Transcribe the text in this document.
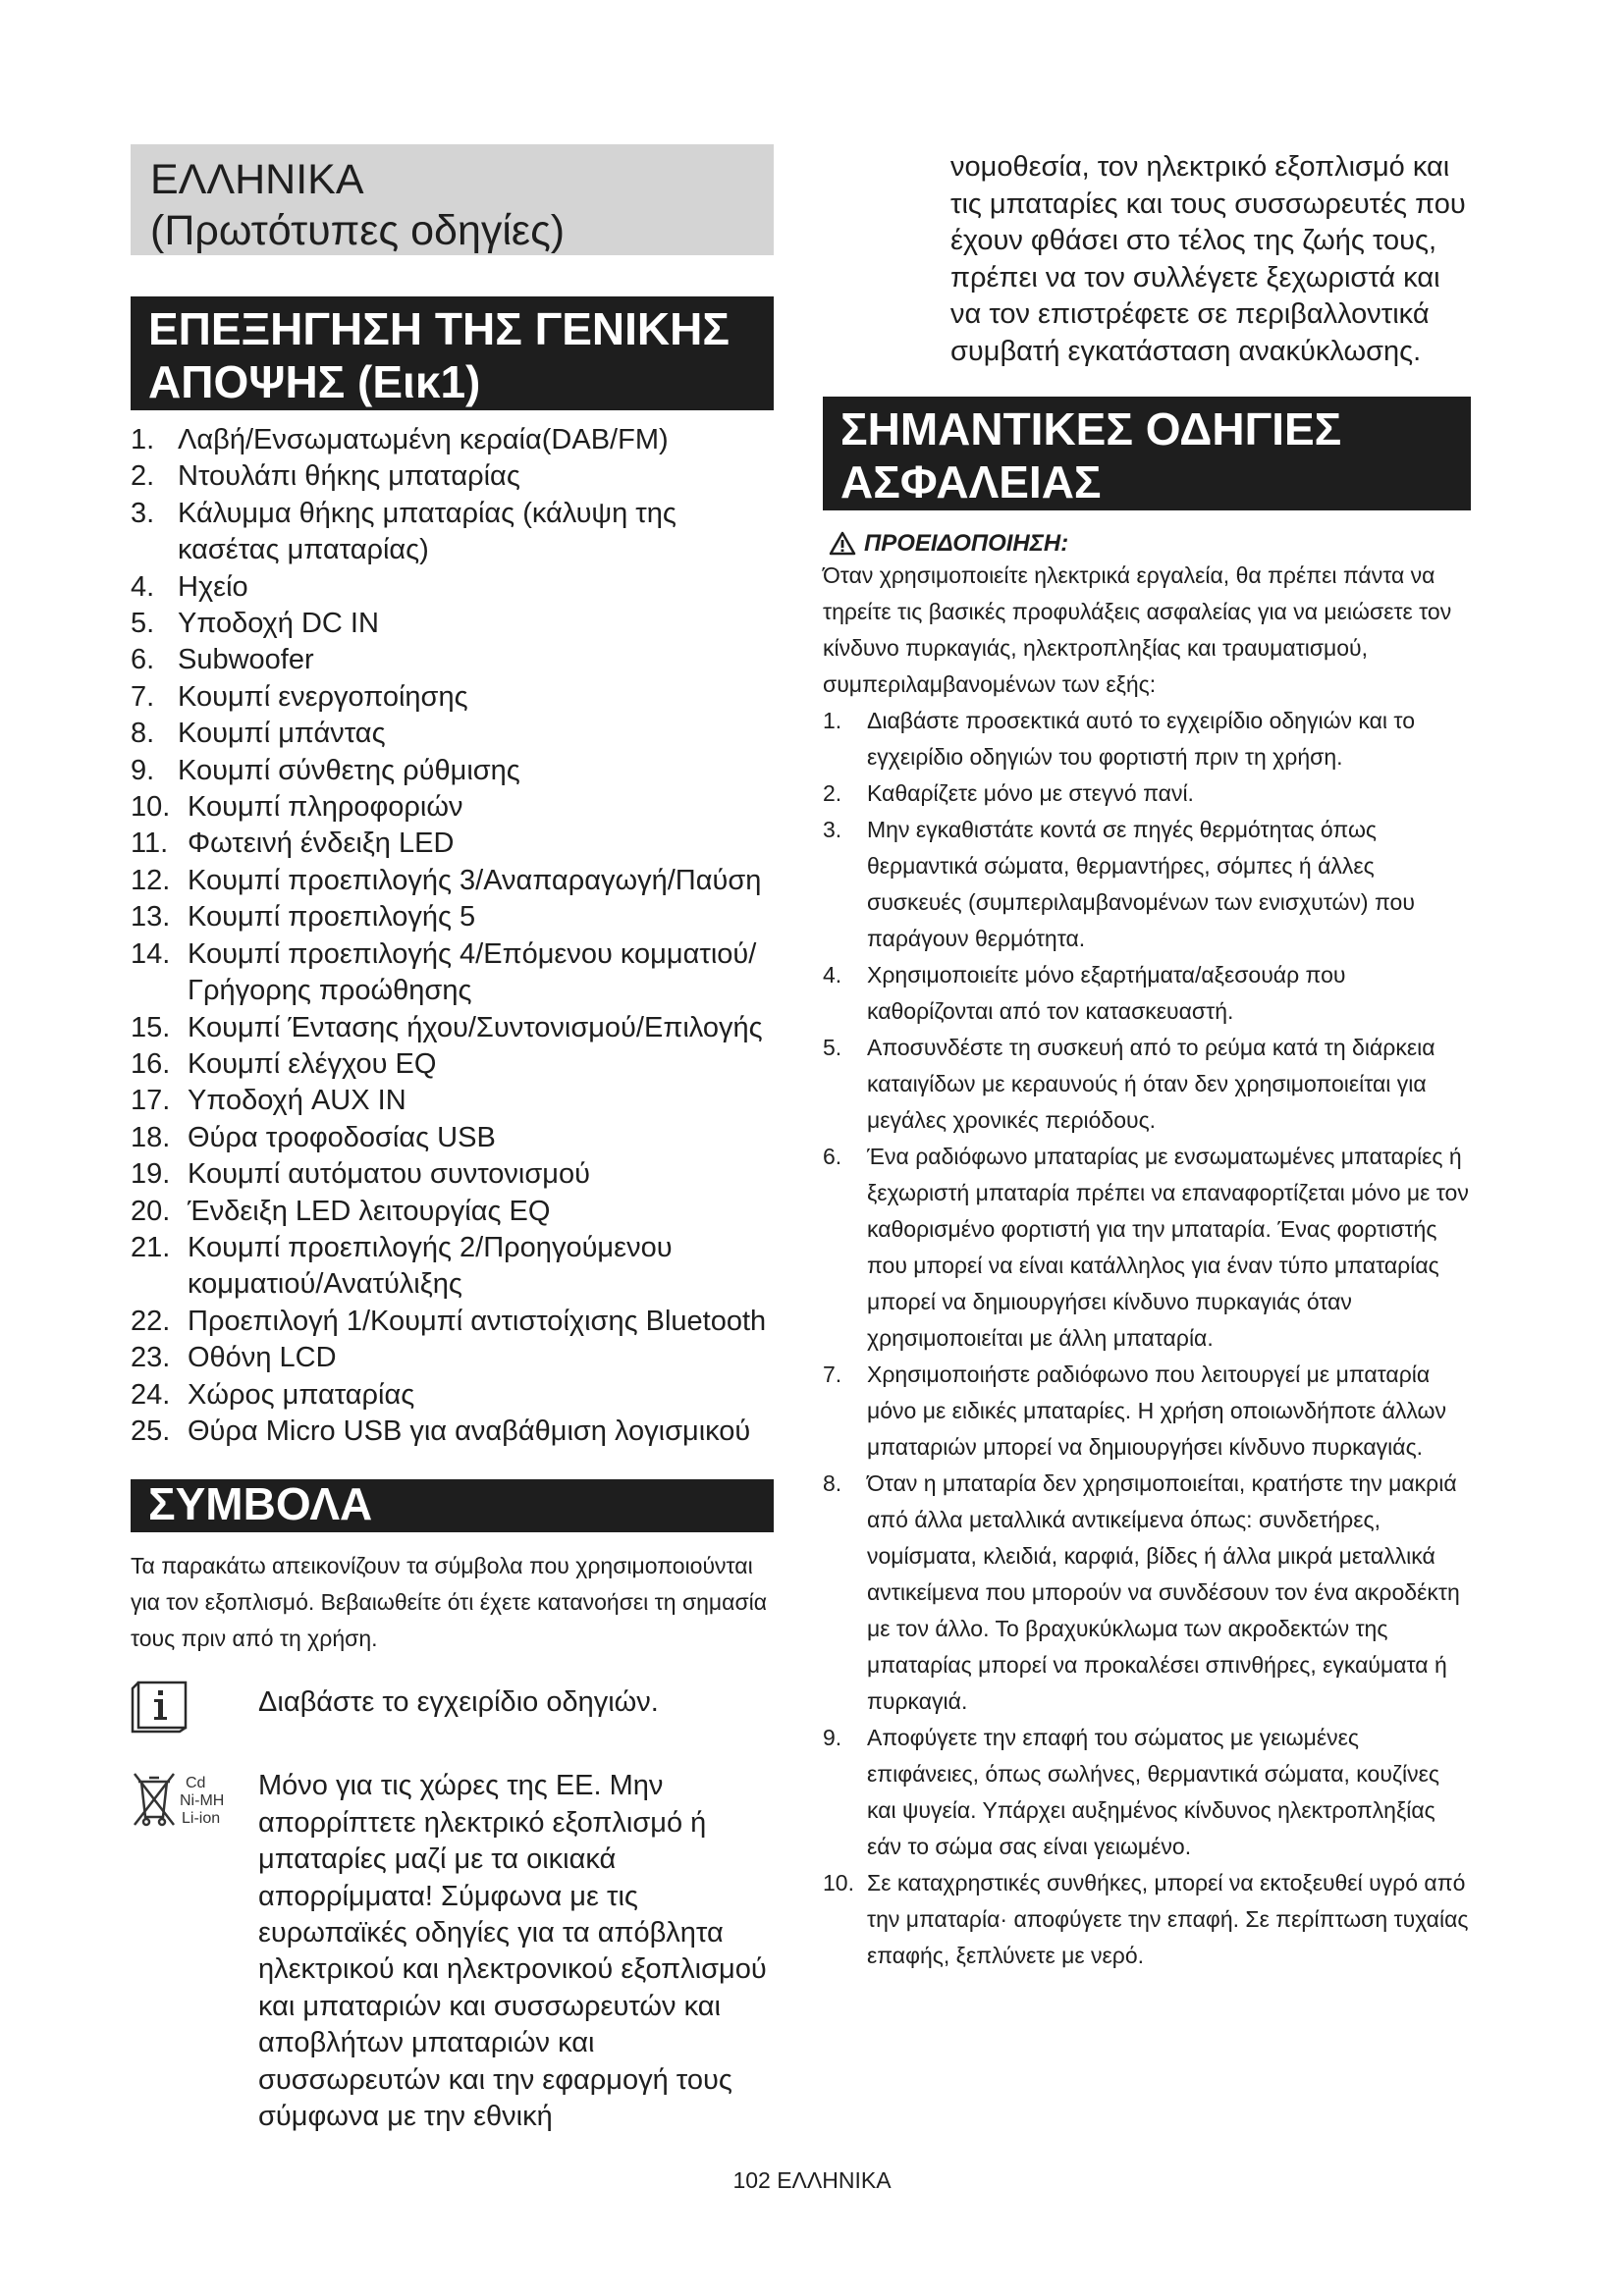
ΕΛΛΗΝΙΚΑ
(Πρωτότυπες οδηγίες)
ΕΠΕΞΗΓΗΣΗ ΤΗΣ ΓΕΝΙΚΗΣ
ΑΠΟΨΗΣ (Εικ1)
1. Λαβή/Ενσωματωμένη κεραία(DAB/FM)
2. Ντουλάπι θήκης μπαταρίας
3. Κάλυμμα θήκης μπαταρίας (κάλυψη της κασέτας μπαταρίας)
4. Ηχείο
5. Υποδοχή DC IN
6. Subwoofer
7. Κουμπί ενεργοποίησης
8. Κουμπί μπάντας
9. Κουμπί σύνθετης ρύθμισης
10. Κουμπί πληροφοριών
11. Φωτεινή ένδειξη LED
12. Κουμπί προεπιλογής 3/Αναπαραγωγή/Παύση
13. Κουμπί προεπιλογής 5
14. Κουμπί προεπιλογής 4/Επόμενου κομματιού/ Γρήγορης προώθησης
15. Κουμπί Έντασης ήχου/Συντονισμού/Επιλογής
16. Κουμπί ελέγχου EQ
17. Υποδοχή AUX IN
18. Θύρα τροφοδοσίας USB
19. Κουμπί αυτόματου συντονισμού
20. Ένδειξη LED λειτουργίας EQ
21. Κουμπί προεπιλογής 2/Προηγούμενου κομματιού/Ανατύλιξης
22. Προεπιλογή 1/Κουμπί αντιστοίχισης Bluetooth
23. Οθόνη LCD
24. Χώρος μπαταρίας
25. Θύρα Micro USB για αναβάθμιση λογισμικού
ΣΥΜΒΟΛΑ
Τα παρακάτω απεικονίζουν τα σύμβολα που χρησιμοποιούνται για τον εξοπλισμό. Βεβαιωθείτε ότι έχετε κατανοήσει τη σημασία τους πριν από τη χρήση.
Διαβάστε το εγχειρίδιο οδηγιών.
Cd
Ni-MH
Li-ion
Μόνο για τις χώρες της ΕΕ. Μην απορρίπτετε ηλεκτρικό εξοπλισμό ή μπαταρίες μαζί με τα οικιακά απορρίμματα! Σύμφωνα με τις ευρωπαϊκές οδηγίες για τα απόβλητα ηλεκτρικού και ηλεκτρονικού εξοπλισμού και μπαταριών και συσσωρευτών και αποβλήτων μπαταριών και συσσωρευτών και την εφαρμογή τους σύμφωνα με την εθνική
νομοθεσία, τον ηλεκτρικό εξοπλισμό και τις μπαταρίες και τους συσσωρευτές που έχουν φθάσει στο τέλος της ζωής τους, πρέπει να τον συλλέγετε ξεχωριστά και να τον επιστρέφετε σε περιβαλλοντικά συμβατή εγκατάσταση ανακύκλωσης.
ΣΗΜΑΝΤΙΚΕΣ ΟΔΗΓΙΕΣ
ΑΣΦΑΛΕΙΑΣ
ΠΡΟΕΙΔΟΠΟΙΗΣΗ:
Όταν χρησιμοποιείτε ηλεκτρικά εργαλεία, θα πρέπει πάντα να τηρείτε τις βασικές προφυλάξεις ασφαλείας για να μειώσετε τον κίνδυνο πυρκαγιάς, ηλεκτροπληξίας και τραυματισμού, συμπεριλαμβανομένων των εξής:
1.	Διαβάστε προσεκτικά αυτό το εγχειρίδιο οδηγιών και το εγχειρίδιο οδηγιών του φορτιστή πριν τη χρήση.
2.	Καθαρίζετε μόνο με στεγνό πανί.
3.	Μην εγκαθιστάτε κοντά σε πηγές θερμότητας όπως θερμαντικά σώματα, θερμαντήρες, σόμπες ή άλλες συσκευές (συμπεριλαμβανομένων των ενισχυτών) που παράγουν θερμότητα.
4.	Χρησιμοποιείτε μόνο εξαρτήματα/αξεσουάρ που καθορίζονται από τον κατασκευαστή.
5.	Αποσυνδέστε τη συσκευή από το ρεύμα κατά τη διάρκεια καταιγίδων με κεραυνούς ή όταν δεν χρησιμοποιείται για μεγάλες χρονικές περιόδους.
6.	Ένα ραδιόφωνο μπαταρίας με ενσωματωμένες μπαταρίες ή ξεχωριστή μπαταρία πρέπει να επαναφορτίζεται μόνο με τον καθορισμένο φορτιστή για την μπαταρία. Ένας φορτιστής που μπορεί να είναι κατάλληλος για έναν τύπο μπαταρίας μπορεί να δημιουργήσει κίνδυνο πυρκαγιάς όταν χρησιμοποιείται με άλλη μπαταρία.
7.	Χρησιμοποιήστε ραδιόφωνο που λειτουργεί με μπαταρία μόνο με ειδικές μπαταρίες. Η χρήση οποιωνδήποτε άλλων μπαταριών μπορεί να δημιουργήσει κίνδυνο πυρκαγιάς.
8.	Όταν η μπαταρία δεν χρησιμοποιείται, κρατήστε την μακριά από άλλα μεταλλικά αντικείμενα όπως: συνδετήρες, νομίσματα, κλειδιά, καρφιά, βίδες ή άλλα μικρά μεταλλικά αντικείμενα που μπορούν να συνδέσουν τον ένα ακροδέκτη με τον άλλο. Το βραχυκύκλωμα των ακροδεκτών της μπαταρίας μπορεί να προκαλέσει σπινθήρες, εγκαύματα ή πυρκαγιά.
9.	Αποφύγετε την επαφή του σώματος με γειωμένες επιφάνειες, όπως σωλήνες, θερμαντικά σώματα, κουζίνες και ψυγεία. Υπάρχει αυξημένος κίνδυνος ηλεκτροπληξίας εάν το σώμα σας είναι γειωμένο.
10. Σε καταχρηστικές συνθήκες, μπορεί να εκτοξευθεί υγρό από την μπαταρία· αποφύγετε την επαφή. Σε περίπτωση τυχαίας επαφής, ξεπλύνετε με νερό.
102 ΕΛΛΗΝΙΚΑ
